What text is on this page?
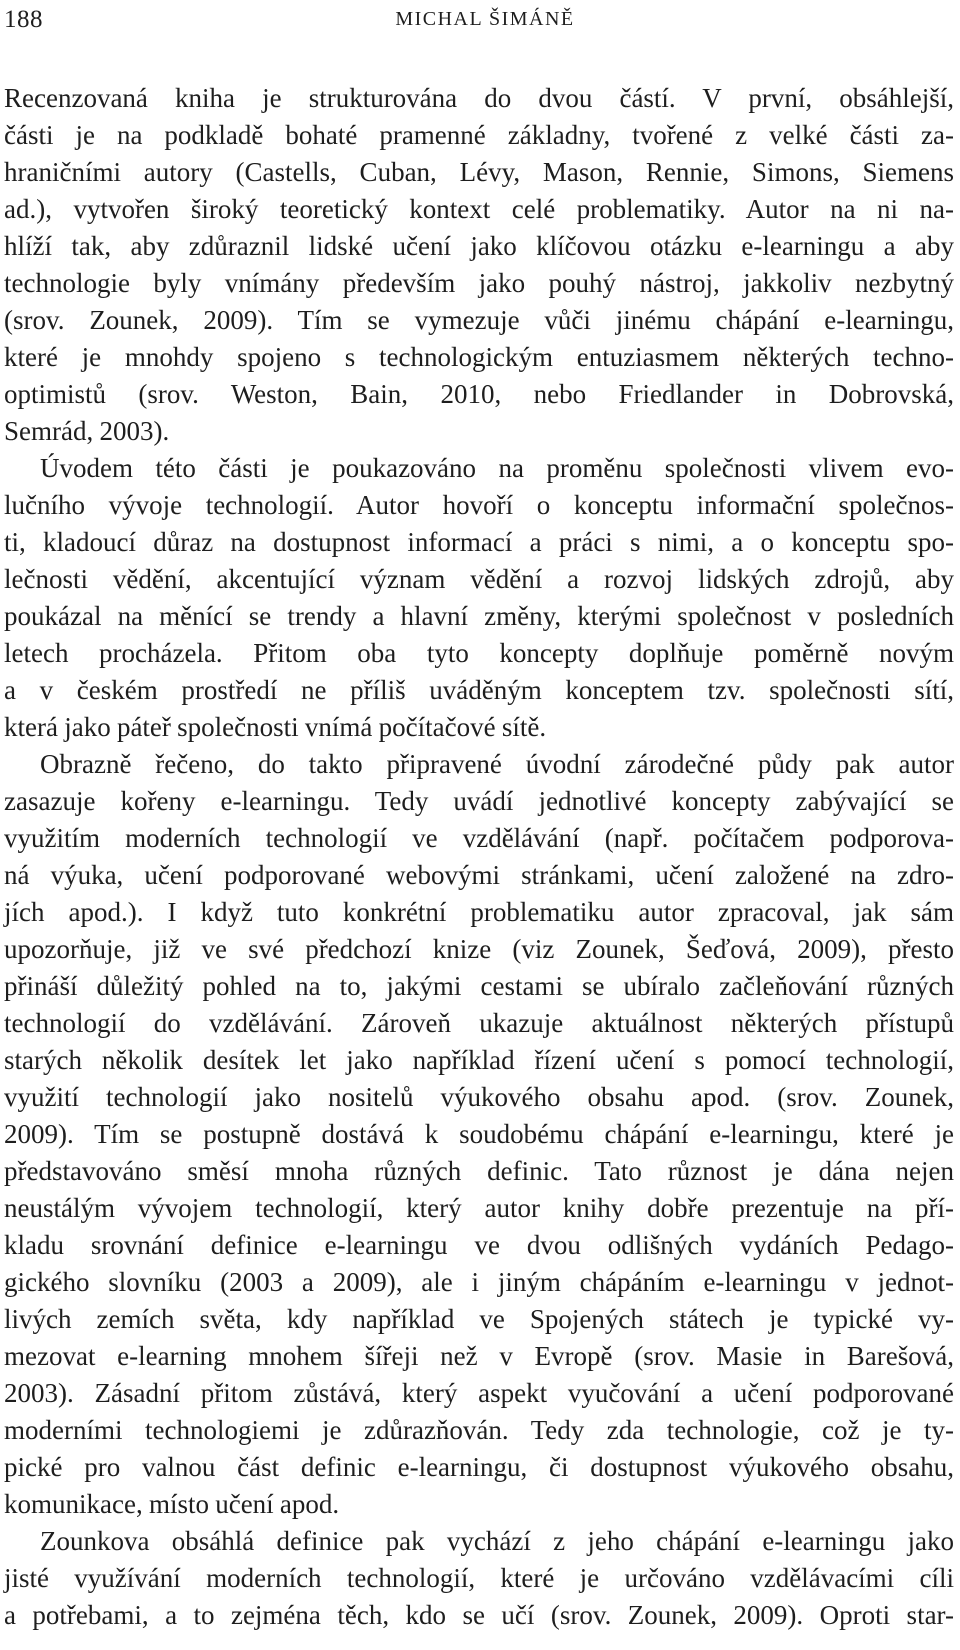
188	MICHAL ŠIMÁNĚ

Recenzovaná kniha je strukturována do dvou částí. V první, obsáhlejší,
části je na podkladě bohaté pramenné základny, tvořené z velké části za-
hraničními autory (Castells, Cuban, Lévy, Mason, Rennie, Simons, Siemens
ad.), vytvořen široký teoretický kontext celé problematiky. Autor na ni na-
hlíží tak, aby zdůraznil lidské učení jako klíčovou otázku e-learningu a aby
technologie byly vnímány především jako pouhý nástroj, jakkoliv nezbytný
(srov. Zounek, 2009). Tím se vymezuje vůči jinému chápání e-learningu,
které je mnohdy spojeno s technologickým entuziasmem některých techno-
optimistů (srov. Weston, Bain, 2010, nebo Friedlander in Dobrovská,
Semrád, 2003).

Úvodem této části je poukazováno na proměnu společnosti vlivem evo-
lučního vývoje technologií. Autor hovoří o konceptu informační společnos-
ti, kladoucí důraz na dostupnost informací a práci s nimi, a o konceptu spo-
lečnosti vědění, akcentující význam vědění a rozvoj lidských zdrojů, aby
poukázal na měnící se trendy a hlavní změny, kterými společnost v posledních
letech procházela. Přitom oba tyto koncepty doplňuje poměrně novým
a v českém prostředí ne příliš uváděným konceptem tzv. společnosti sítí,
která jako páteř společnosti vnímá počítačové sítě.

Obrazně řečeno, do takto připravené úvodní zárodečné půdy pak autor
zasazuje kořeny e-learningu. Tedy uvádí jednotlivé koncepty zabývající se
využitím moderních technologií ve vzdělávání (např. počítačem podporova-
ná výuka, učení podporované webovými stránkami, učení založené na zdro-
jích apod.). I když tuto konkrétní problematiku autor zpracoval, jak sám
upozorňuje, již ve své předchozí knize (viz Zounek, Šeďová, 2009), přesto
přináší důležitý pohled na to, jakými cestami se ubíralo začleňování různých
technologií do vzdělávání. Zároveň ukazuje aktuálnost některých přístupů
starých několik desítek let jako například řízení učení s pomocí technologií,
využití technologií jako nositelů výukového obsahu apod. (srov. Zounek,
2009). Tím se postupně dostává k soudobému chápání e-learningu, které je
představováno směsí mnoha různých definic. Tato různost je dána nejen
neustálým vývojem technologií, který autor knihy dobře prezentuje na pří-
kladu srovnání definice e-learningu ve dvou odlišných vydáních Pedago-
gického slovníku (2003 a 2009), ale i jiným chápáním e-learningu v jednot-
livých zemích světa, kdy například ve Spojených státech je typické vy-
mezovat e-learning mnohem šířeji než v Evropě (srov. Masie in Barešová,
2003). Zásadní přitom zůstává, který aspekt vyučování a učení podporované
moderními technologiemi je zdůrazňován. Tedy zda technologie, což je ty-
pické pro valnou část definic e-learningu, či dostupnost výukového obsahu,
komunikace, místo učení apod.

Zounkova obsáhlá definice pak vychází z jeho chápání e-learningu jako
jisté využívání moderních technologií, které je určováno vzdělávacími cíli
a potřebami, a to zejména těch, kdo se učí (srov. Zounek, 2009). Oproti star-
